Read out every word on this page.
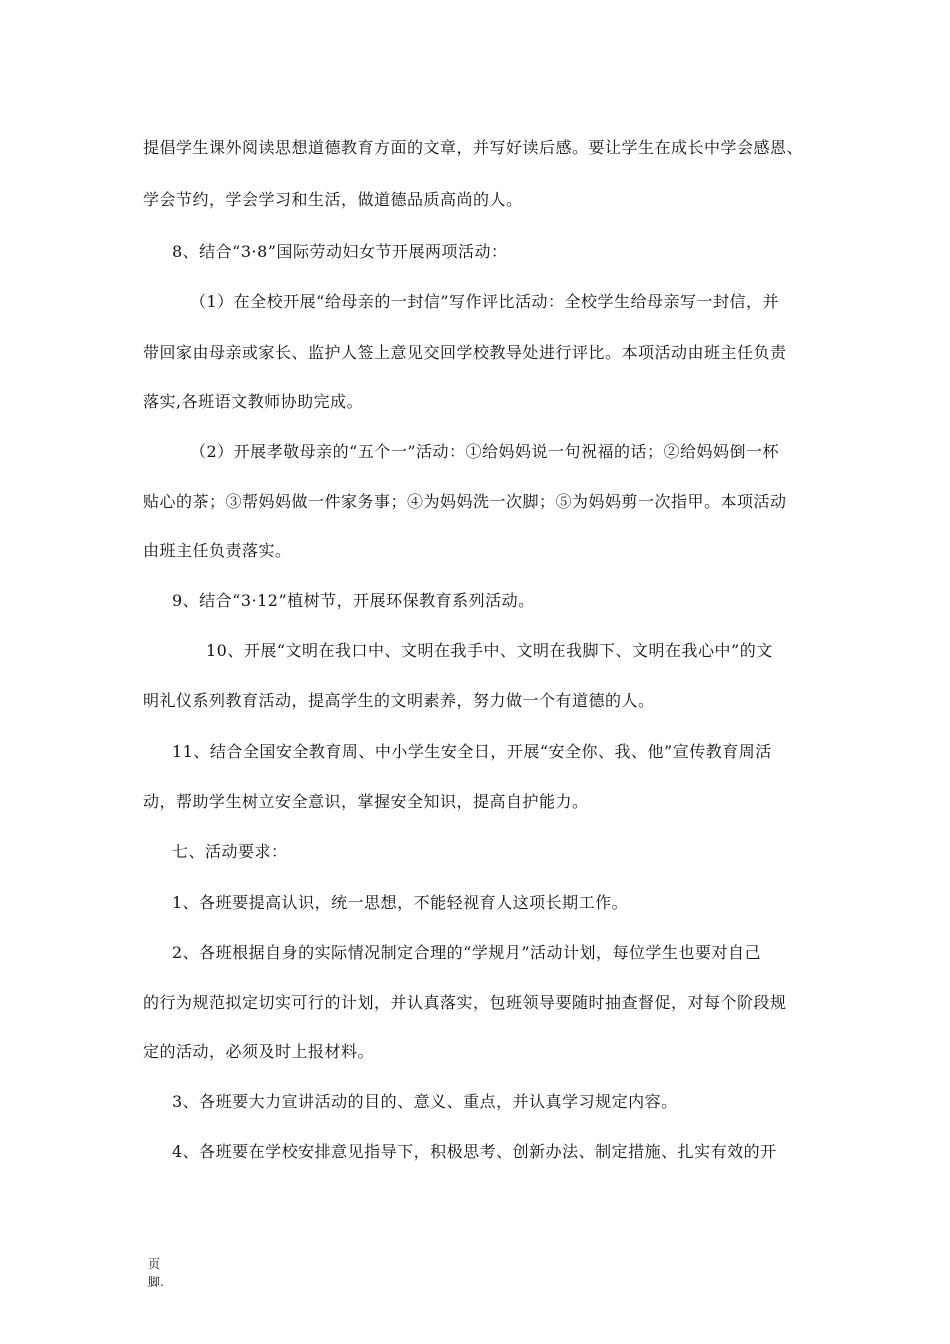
提倡学生课外阅读思想道德教育方面的文章，并写好读后感。要让学生在成长中学会感恩、
学会节约，学会学习和生活，做道德品质高尚的人。
8、结合“3·8”国际劳动妇女节开展两项活动：
（1）在全校开展“给母亲的一封信”写作评比活动：全校学生给母亲写一封信，并
带回家由母亲或家长、监护人签上意见交回学校教导处进行评比。本项活动由班主任负责
落实,各班语文教师协助完成。
（2）开展孝敬母亲的“五个一”活动：①给妈妈说一句祝福的话；②给妈妈倒一杯
贴心的茶；③帮妈妈做一件家务事；④为妈妈洗一次脚；⑤为妈妈剪一次指甲。本项活动
由班主任负责落实。
9、结合“3·12”植树节，开展环保教育系列活动。
10、开展“文明在我口中、文明在我手中、文明在我脚下、文明在我心中”的文
明礼仪系列教育活动，提高学生的文明素养，努力做一个有道德的人。
11、结合全国安全教育周、中小学生安全日，开展“安全你、我、他”宣传教育周活
动，帮助学生树立安全意识，掌握安全知识，提高自护能力。
七、活动要求：
1、各班要提高认识，统一思想，不能轻视育人这项长期工作。
2、各班根据自身的实际情况制定合理的“学规月”活动计划，每位学生也要对自己
的行为规范拟定切实可行的计划，并认真落实，包班领导要随时抽查督促，对每个阶段规
定的活动，必须及时上报材料。
3、各班要大力宣讲活动的目的、意义、重点，并认真学习规定内容。
4、各班要在学校安排意见指导下，积极思考、创新办法、制定措施、扎实有效的开
页
脚.
